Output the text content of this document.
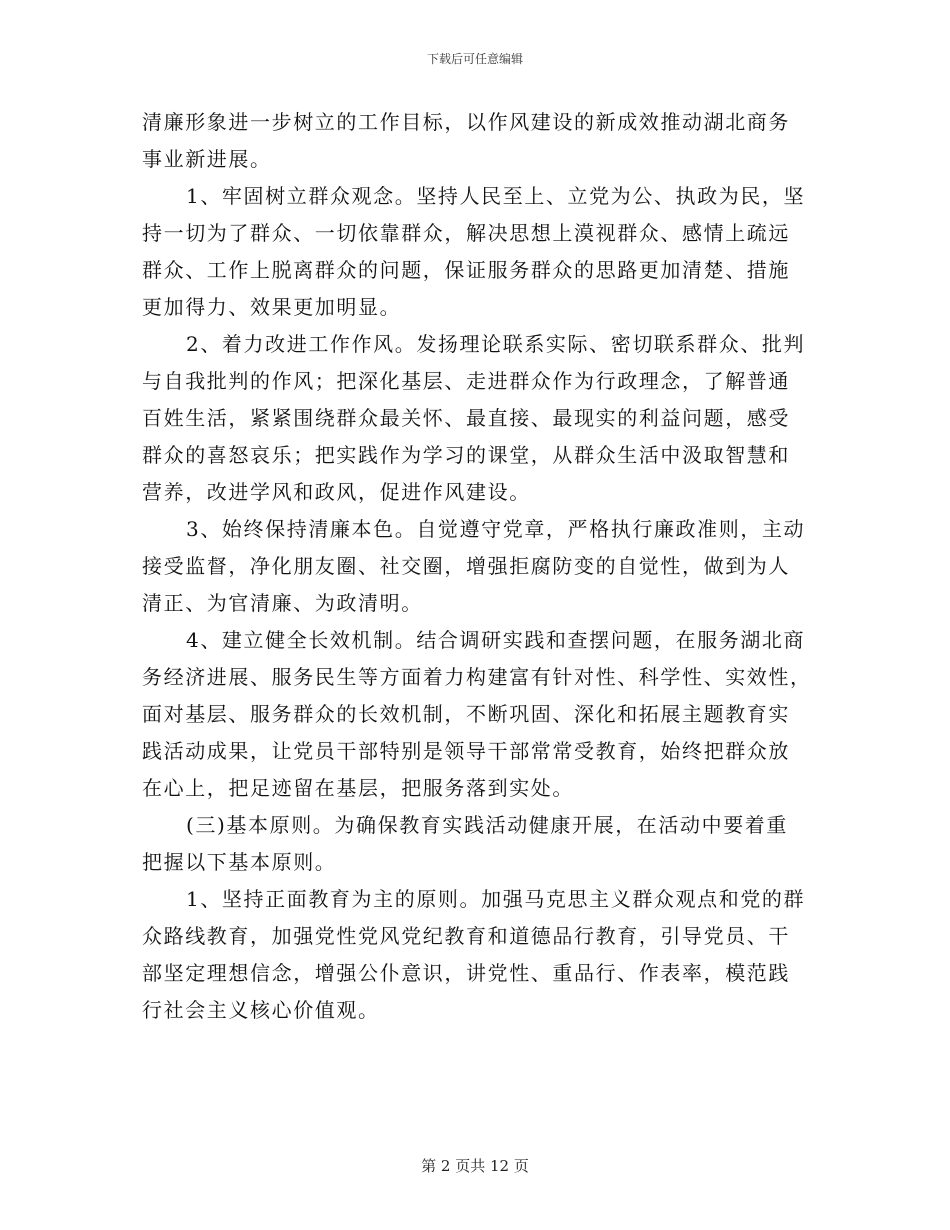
下载后可任意编辑
清廉形象进一步树立的工作目标，以作风建设的新成效推动湖北商务
事业新进展。
1、牢固树立群众观念。坚持人民至上、立党为公、执政为民，坚
持一切为了群众、一切依靠群众，解决思想上漠视群众、感情上疏远
群众、工作上脱离群众的问题，保证服务群众的思路更加清楚、措施
更加得力、效果更加明显。
2、着力改进工作作风。发扬理论联系实际、密切联系群众、批判
与自我批判的作风；把深化基层、走进群众作为行政理念，了解普通
百姓生活，紧紧围绕群众最关怀、最直接、最现实的利益问题，感受
群众的喜怒哀乐；把实践作为学习的课堂，从群众生活中汲取智慧和
营养，改进学风和政风，促进作风建设。
3、始终保持清廉本色。自觉遵守党章，严格执行廉政准则，主动
接受监督，净化朋友圈、社交圈，增强拒腐防变的自觉性，做到为人
清正、为官清廉、为政清明。
4、建立健全长效机制。结合调研实践和查摆问题，在服务湖北商
务经济进展、服务民生等方面着力构建富有针对性、科学性、实效性，
面对基层、服务群众的长效机制，不断巩固、深化和拓展主题教育实
践活动成果，让党员干部特别是领导干部常常受教育，始终把群众放
在心上，把足迹留在基层，把服务落到实处。
(三)基本原则。为确保教育实践活动健康开展，在活动中要着重
把握以下基本原则。
1、坚持正面教育为主的原则。加强马克思主义群众观点和党的群
众路线教育，加强党性党风党纪教育和道德品行教育，引导党员、干
部坚定理想信念，增强公仆意识，讲党性、重品行、作表率，模范践
行社会主义核心价值观。
第 2 页共 12 页
